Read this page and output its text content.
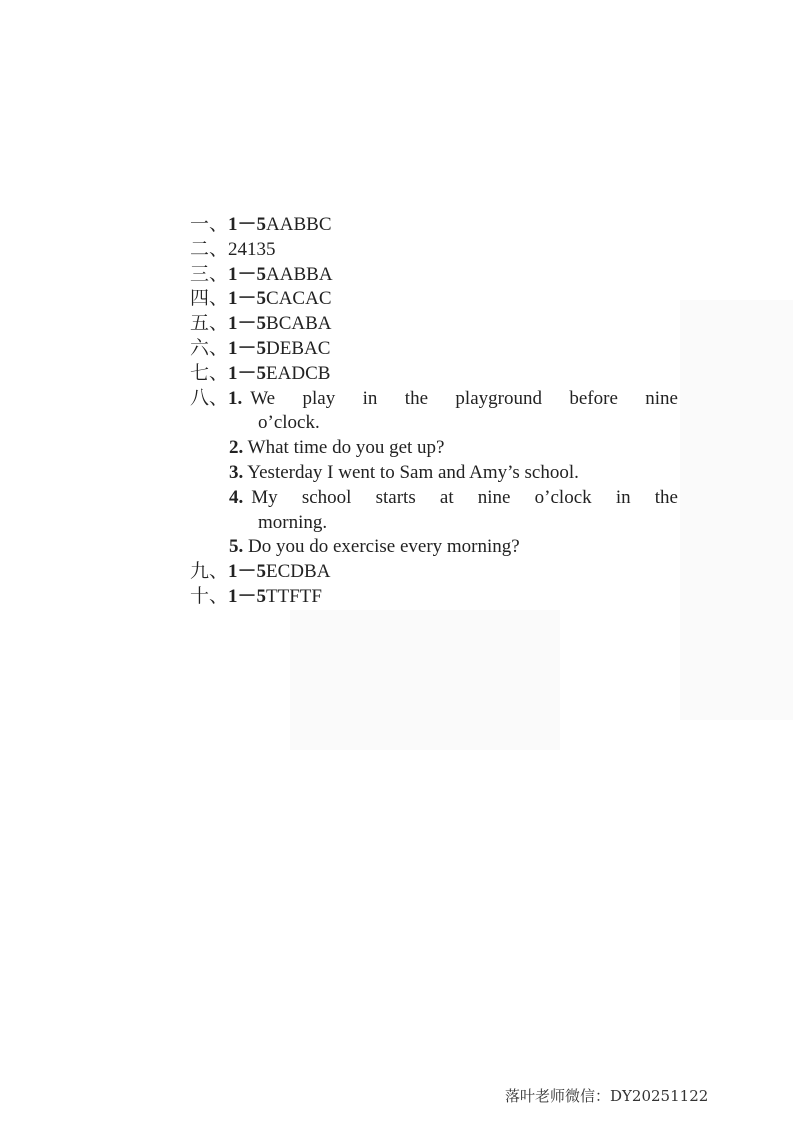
一、1－5AABBC
二、24135
三、1－5AABBA
四、1－5CACAC
五、1－5BCABA
六、1－5DEBAC
七、1－5EADCB
八、 1. We play in the playground before nine
o’clock.
2. What time do you get up?
3. Yesterday I went to Sam and Amy’s school.
4. My school starts at nine o’clock in the
morning.
5. Do you do exercise every morning?
九、1－5ECDBA
十、1－5TTFTF
落叶老师微信：DY20251122
